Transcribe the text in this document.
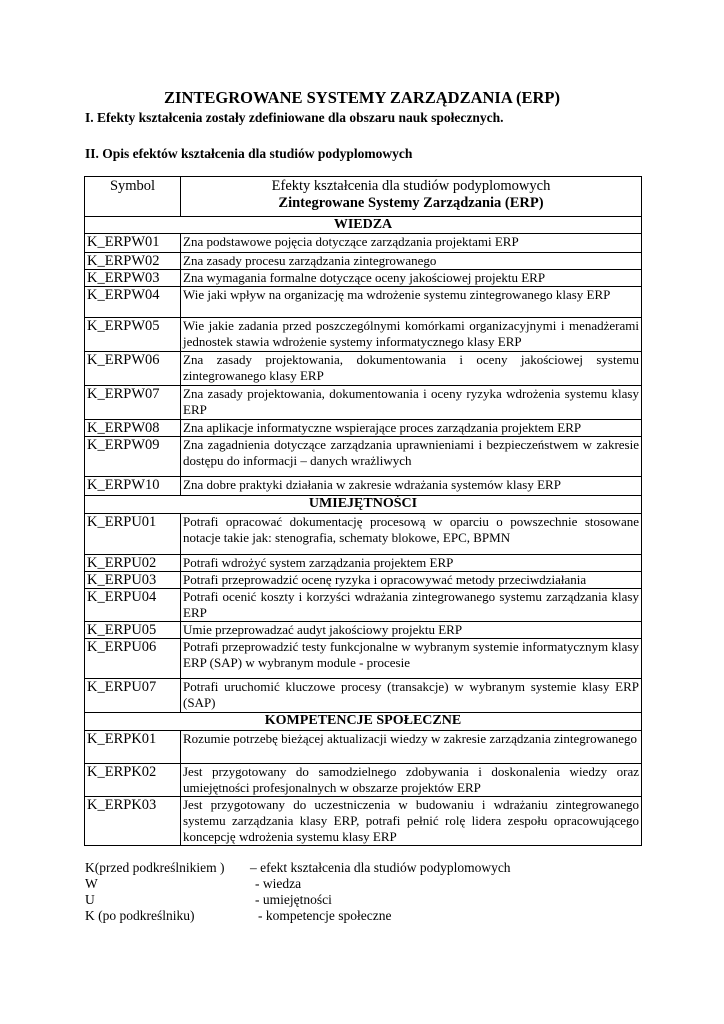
ZINTEGROWANE SYSTEMY ZARZĄDZANIA (ERP)
I. Efekty kształcenia zostały zdefiniowane dla obszaru nauk społecznych.
II. Opis efektów kształcenia dla studiów podyplomowych
Symbol	Efekty kształcenia dla studiów podyplomowych
Zintegrowane Systemy Zarządzania (ERP)

WIEDZA	
K_ERPW01	Zna podstawowe pojęcia dotyczące zarządzania projektami ERP
K_ERPW02	Zna zasady procesu zarządzania zintegrowanego
K_ERPW03	Zna wymagania formalne dotyczące oceny jakościowej projektu ERP
K_ERPW04	Wie jaki wpływ na organizację ma wdrożenie systemu zintegrowanego klasy ERP
K_ERPW05	Wie jakie zadania przed poszczególnymi komórkami organizacyjnymi i menadżerami jednostek stawia wdrożenie systemy informatycznego klasy ERP
K_ERPW06	Zna zasady projektowania, dokumentowania i oceny jakościowej systemu zintegrowanego klasy ERP
K_ERPW07	Zna zasady projektowania, dokumentowania i oceny ryzyka wdrożenia systemu klasy ERP
K_ERPW08	Zna aplikacje informatyczne wspierające proces zarządzania projektem ERP
K_ERPW09	Zna zagadnienia dotyczące zarządzania uprawnieniami i bezpieczeństwem w zakresie dostępu do informacji – danych wrażliwych
K_ERPW10	Zna dobre praktyki działania w zakresie wdrażania systemów klasy ERP
UMIEJĘTNOŚCI	
K_ERPU01	Potrafi opracować dokumentację procesową w oparciu o powszechnie stosowane notacje takie jak: stenografia, schematy blokowe, EPC, BPMN
K_ERPU02	Potrafi wdrożyć system zarządzania projektem ERP
K_ERPU03	Potrafi przeprowadzić ocenę ryzyka i opracowywać metody przeciwdziałania
K_ERPU04	Potrafi ocenić koszty i korzyści wdrażania zintegrowanego systemu zarządzania klasy ERP
K_ERPU05	Umie przeprowadzać audyt jakościowy projektu ERP
K_ERPU06	Potrafi przeprowadzić testy funkcjonalne w wybranym systemie informatycznym klasy ERP (SAP) w wybranym module - procesie
K_ERPU07	Potrafi uruchomić kluczowe procesy (transakcje) w wybranym systemie klasy ERP (SAP)
KOMPETENCJE SPOŁECZNE	
K_ERPK01	Rozumie potrzebę bieżącej aktualizacji wiedzy w zakresie zarządzania zintegrowanego
K_ERPK02	Jest przygotowany do samodzielnego zdobywania i doskonalenia wiedzy oraz umiejętności profesjonalnych w obszarze projektów ERP
K_ERPK03	Jest przygotowany do uczestniczenia w budowaniu i wdrażaniu zintegrowanego systemu zarządzania klasy ERP, potrafi pełnić rolę lidera zespołu opracowującego koncepcję wdrożenia systemu klasy ERP
K(przed podkreślnikiem ) – efekt kształcenia dla studiów podyplomowych
W	- wiedza
U	- umiejętności
K (po podkreślniku)	- kompetencje społeczne
